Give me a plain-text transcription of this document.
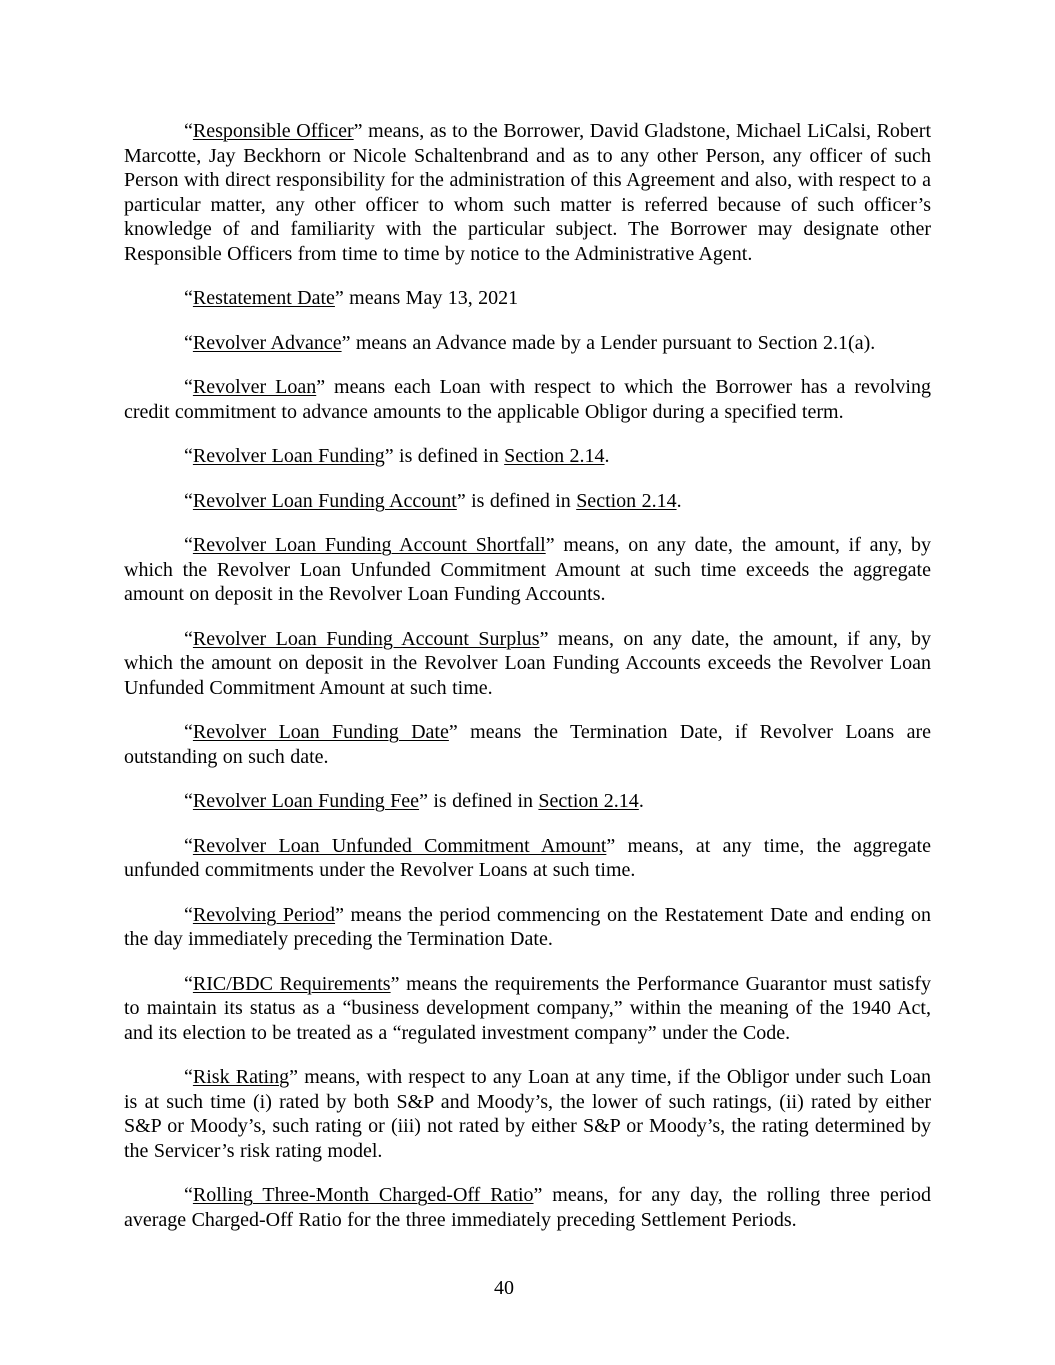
“Responsible Officer” means, as to the Borrower, David Gladstone, Michael LiCalsi, Robert Marcotte, Jay Beckhorn or Nicole Schaltenbrand and as to any other Person, any officer of such Person with direct responsibility for the administration of this Agreement and also, with respect to a particular matter, any other officer to whom such matter is referred because of such officer’s knowledge of and familiarity with the particular subject. The Borrower may designate other Responsible Officers from time to time by notice to the Administrative Agent.

“Restatement Date” means May 13, 2021

“Revolver Advance” means an Advance made by a Lender pursuant to Section 2.1(a).

“Revolver Loan” means each Loan with respect to which the Borrower has a revolving credit commitment to advance amounts to the applicable Obligor during a specified term.

“Revolver Loan Funding” is defined in Section 2.14.

“Revolver Loan Funding Account” is defined in Section 2.14.

“Revolver Loan Funding Account Shortfall” means, on any date, the amount, if any, by which the Revolver Loan Unfunded Commitment Amount at such time exceeds the aggregate amount on deposit in the Revolver Loan Funding Accounts.

“Revolver Loan Funding Account Surplus” means, on any date, the amount, if any, by which the amount on deposit in the Revolver Loan Funding Accounts exceeds the Revolver Loan Unfunded Commitment Amount at such time.

“Revolver Loan Funding Date” means the Termination Date, if Revolver Loans are outstanding on such date.

“Revolver Loan Funding Fee” is defined in Section 2.14.

“Revolver Loan Unfunded Commitment Amount” means, at any time, the aggregate unfunded commitments under the Revolver Loans at such time.

“Revolving Period” means the period commencing on the Restatement Date and ending on the day immediately preceding the Termination Date.

“RIC/BDC Requirements” means the requirements the Performance Guarantor must satisfy to maintain its status as a “business development company,” within the meaning of the 1940 Act, and its election to be treated as a “regulated investment company” under the Code.

“Risk Rating” means, with respect to any Loan at any time, if the Obligor under such Loan is at such time (i) rated by both S&P and Moody’s, the lower of such ratings, (ii) rated by either S&P or Moody’s, such rating or (iii) not rated by either S&P or Moody’s, the rating determined by the Servicer’s risk rating model.

“Rolling Three-Month Charged-Off Ratio” means, for any day, the rolling three period average Charged-Off Ratio for the three immediately preceding Settlement Periods.

40
